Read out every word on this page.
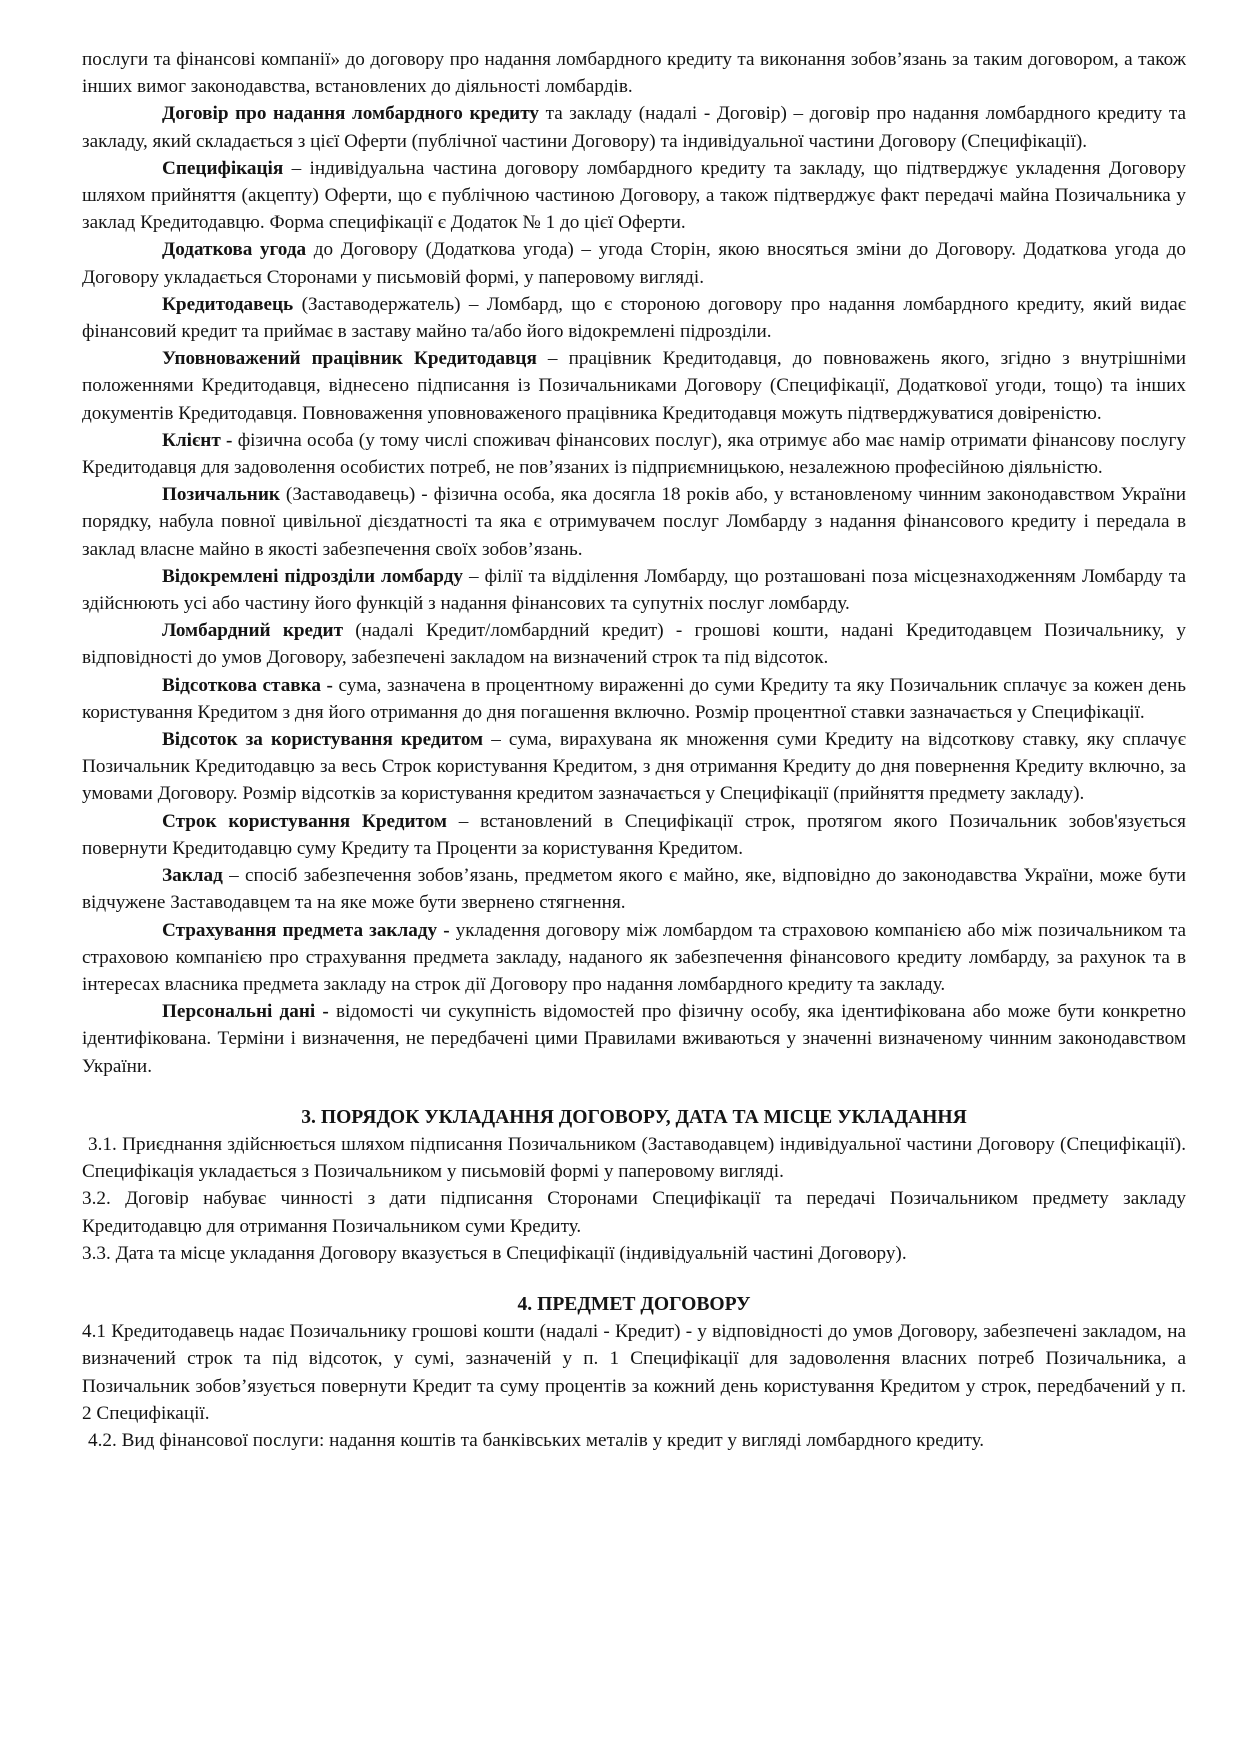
послуги та фінансові компанії» до договору про надання ломбардного кредиту та виконання зобов’язань за таким договором, а також інших вимог законодавства, встановлених до діяльності ломбардів.

Договір про надання ломбардного кредиту та закладу (надалі - Договір) – договір про надання ломбардного кредиту та закладу, який складається з цієї Оферти (публічної частини Договору) та індивідуальної частини Договору (Специфікації).

Специфікація – індивідуальна частина договору ломбардного кредиту та закладу, що підтверджує укладення Договору шляхом прийняття (акцепту) Оферти, що є публічною частиною Договору, а також підтверджує факт передачі майна Позичальника у заклад Кредитодавцю. Форма специфікації є Додаток № 1 до цієї Оферти.

Додаткова угода до Договору (Додаткова угода) – угода Сторін, якою вносяться зміни до Договору. Додаткова угода до Договору укладається Сторонами у письмовій формі, у паперовому вигляді.

Кредитодавець (Заставодержатель) – Ломбард, що є стороною договору про надання ломбардного кредиту, який видає фінансовий кредит та приймає в заставу майно та/або його відокремлені підрозділи.

Уповноважений працівник Кредитодавця – працівник Кредитодавця, до повноважень якого, згідно з внутрішніми положеннями Кредитодавця, віднесено підписання із Позичальниками Договору (Специфікації, Додаткової угоди, тощо) та інших документів Кредитодавця. Повноваження уповноваженого працівника Кредитодавця можуть підтверджуватися довіреністю.

Клієнт - фізична особа (у тому числі споживач фінансових послуг), яка отримує або має намір отримати фінансову послугу Кредитодавця для задоволення особистих потреб, не пов’язаних із підприємницькою, незалежною професійною діяльністю.

Позичальник (Заставодавець) - фізична особа, яка досягла 18 років або, у встановленому чинним законодавством України порядку, набула повної цивільної дієздатності та яка є отримувачем послуг Ломбарду з надання фінансового кредиту і передала в заклад власне майно в якості забезпечення своїх зобов’язань.

Відокремлені підрозділи ломбарду – філії та відділення Ломбарду, що розташовані поза місцезнаходженням Ломбарду та здійснюють усі або частину його функцій з надання фінансових та супутніх послуг ломбарду.

Ломбардний кредит (надалі Кредит/ломбардний кредит) - грошові кошти, надані Кредитодавцем Позичальнику, у відповідності до умов Договору, забезпечені закладом на визначений строк та під відсоток.

Відсоткова ставка - сума, зазначена в процентному вираженні до суми Кредиту та яку Позичальник сплачує за кожен день користування Кредитом з дня його отримання до дня погашення включно. Розмір процентної ставки зазначається у Специфікації.

Відсоток за користування кредитом – сума, вирахувана як множення суми Кредиту на відсоткову ставку, яку сплачує Позичальник Кредитодавцю за весь Строк користування Кредитом, з дня отримання Кредиту до дня повернення Кредиту включно, за умовами Договору. Розмір відсотків за користування кредитом зазначається у Специфікації (прийняття предмету закладу).

Строк користування Кредитом – встановлений в Специфікації строк, протягом якого Позичальник зобов'язується повернути Кредитодавцю суму Кредиту та Проценти за користування Кредитом.

Заклад – спосіб забезпечення зобов’язань, предметом якого є майно, яке, відповідно до законодавства України, може бути відчужене Заставодавцем та на яке може бути звернено стягнення.

Страхування предмета закладу - укладення договору між ломбардом та страховою компанією або між позичальником та страховою компанією про страхування предмета закладу, наданого як забезпечення фінансового кредиту ломбарду, за рахунок та в інтересах власника предмета закладу на строк дії Договору про надання ломбардного кредиту та закладу.

Персональні дані - відомості чи сукупність відомостей про фізичну особу, яка ідентифікована або може бути конкретно ідентифікована. Терміни і визначення, не передбачені цими Правилами вживаються у значенні визначеному чинним законодавством України.

3. ПОРЯДОК УКЛАДАННЯ ДОГОВОРУ, ДАТА ТА МІСЦЕ УКЛАДАННЯ

3.1. Приєднання здійснюється шляхом підписання Позичальником (Заставодавцем) індивідуальної частини Договору (Специфікації). Специфікація укладається з Позичальником у письмовій формі у паперовому вигляді.

3.2. Договір набуває чинності з дати підписання Сторонами Специфікації та передачі Позичальником предмету закладу Кредитодавцю для отримання Позичальником суми Кредиту.

3.3. Дата та місце укладання Договору вказується в Специфікації (індивідуальній частині Договору).

4. ПРЕДМЕТ ДОГОВОРУ

4.1 Кредитодавець надає Позичальнику грошові кошти (надалі - Кредит) - у відповідності до умов Договору, забезпечені закладом, на визначений строк та під відсоток, у сумі, зазначеній у п. 1 Специфікації для задоволення власних потреб Позичальника, а Позичальник зобов’язується повернути Кредит та суму процентів за кожний день користування Кредитом у строк, передбачений у п. 2 Специфікації.

4.2. Вид фінансової послуги: надання коштів та банківських металів у кредит у вигляді ломбардного кредиту.
